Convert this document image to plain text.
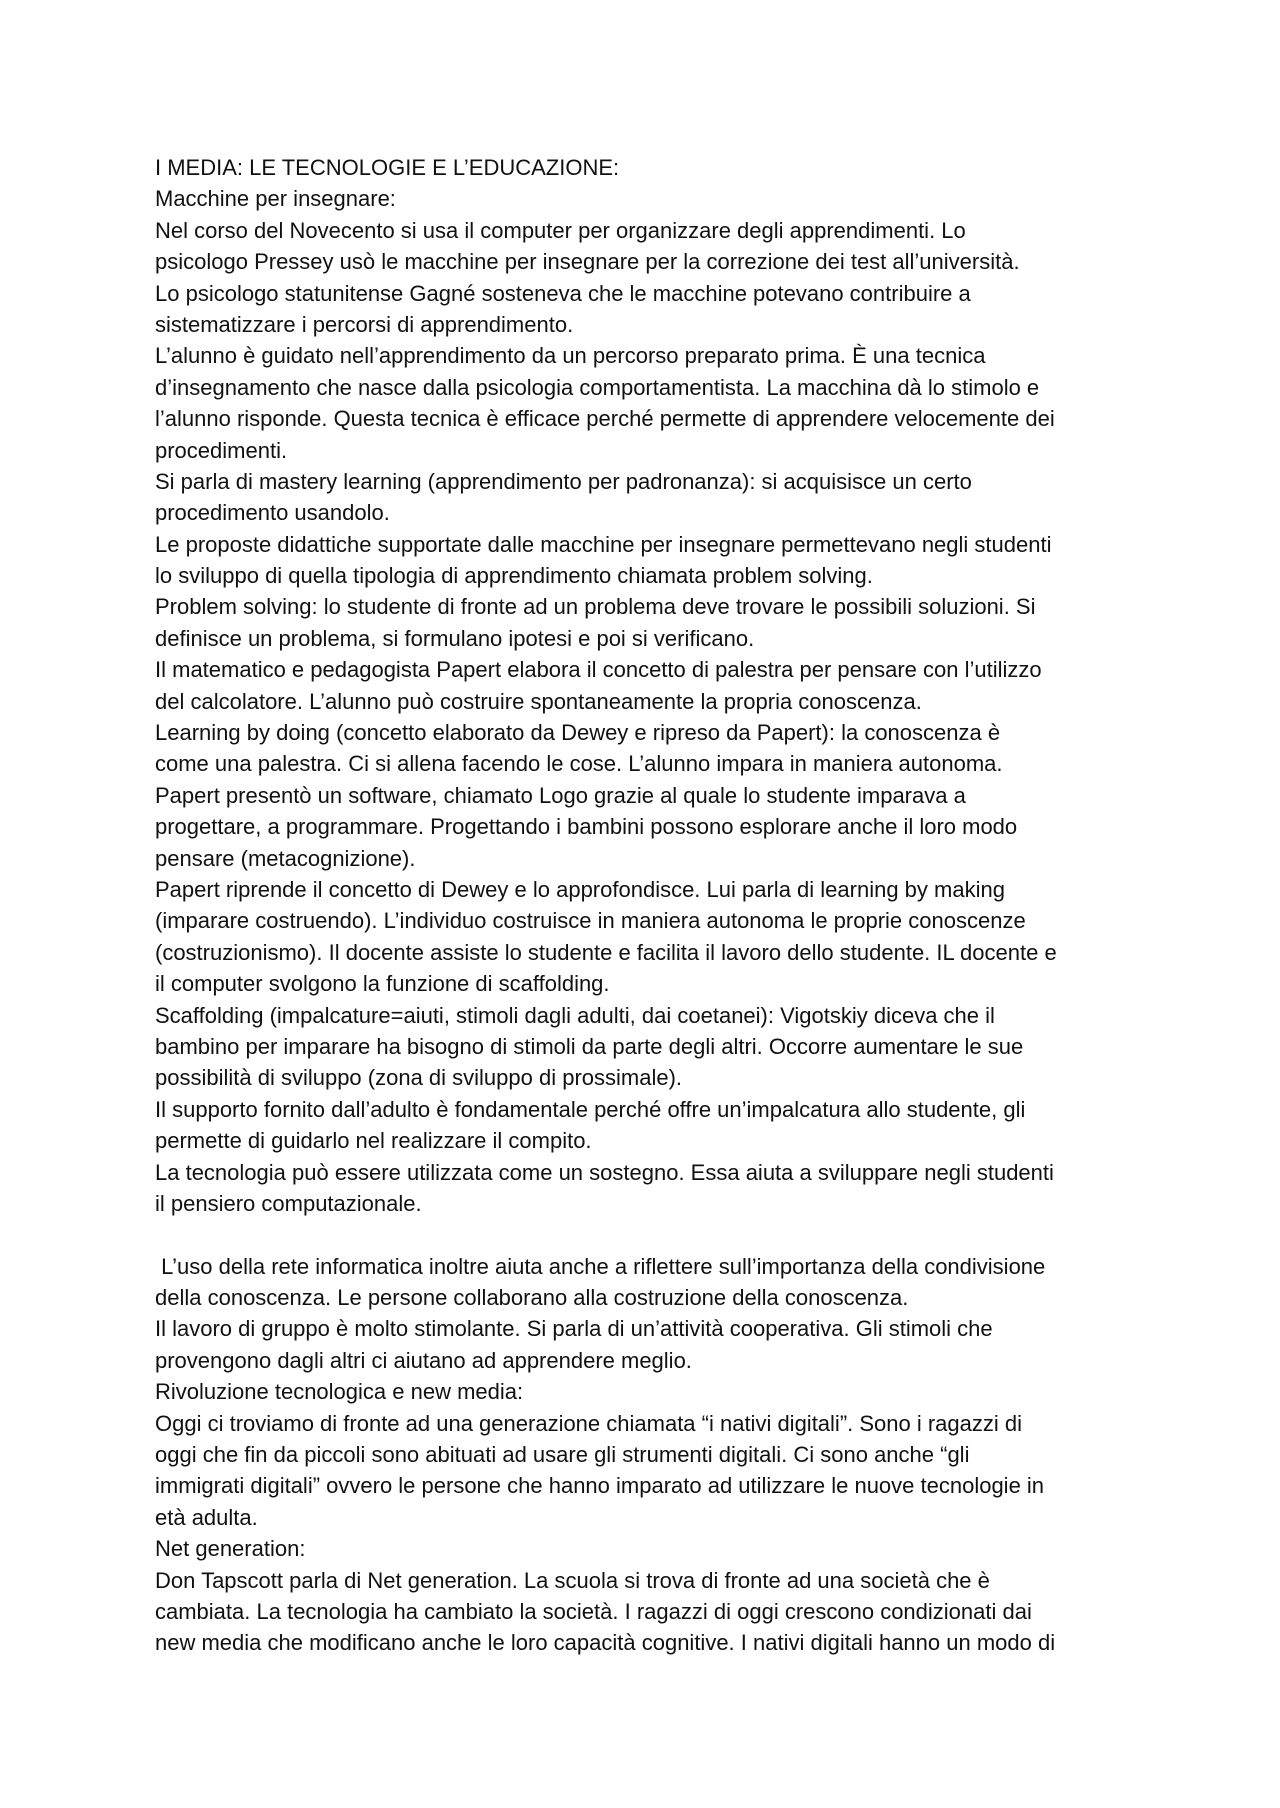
I MEDIA: LE TECNOLOGIE E L’EDUCAZIONE:
Macchine per insegnare:
Nel corso del Novecento si usa il computer per organizzare degli apprendimenti. Lo
psicologo Pressey usò le macchine per insegnare per la correzione dei test all’università.
Lo psicologo statunitense Gagné sosteneva che le macchine potevano contribuire a
sistematizzare i percorsi di apprendimento.
L’alunno è guidato nell’apprendimento da un percorso preparato prima. È una tecnica
d’insegnamento che nasce dalla psicologia comportamentista. La macchina dà lo stimolo e
l’alunno risponde. Questa tecnica è efficace perché permette di apprendere velocemente dei
procedimenti.
Si parla di mastery learning (apprendimento per padronanza): si acquisisce un certo
procedimento usandolo.
Le proposte didattiche supportate dalle macchine per insegnare permettevano negli studenti
lo sviluppo di quella tipologia di apprendimento chiamata problem solving.
Problem solving: lo studente di fronte ad un problema deve trovare le possibili soluzioni. Si
definisce un problema, si formulano ipotesi e poi si verificano.
Il matematico e pedagogista Papert elabora il concetto di palestra per pensare con l’utilizzo
del calcolatore. L’alunno può costruire spontaneamente la propria conoscenza.
Learning by doing (concetto elaborato da Dewey e ripreso da Papert): la conoscenza è
come una palestra. Ci si allena facendo le cose. L’alunno impara in maniera autonoma.
Papert presentò un software, chiamato Logo grazie al quale lo studente imparava a
progettare, a programmare. Progettando i bambini possono esplorare anche il loro modo
pensare (metacognizione).
Papert riprende il concetto di Dewey e lo approfondisce. Lui parla di learning by making
(imparare costruendo). L’individuo costruisce in maniera autonoma le proprie conoscenze
(costruzionismo). Il docente assiste lo studente e facilita il lavoro dello studente. IL docente e
il computer svolgono la funzione di scaffolding.
Scaffolding (impalcature=aiuti, stimoli dagli adulti, dai coetanei): Vigotskiy diceva che il
bambino per imparare ha bisogno di stimoli da parte degli altri. Occorre aumentare le sue
possibilità di sviluppo (zona di sviluppo di prossimale).
Il supporto fornito dall’adulto è fondamentale perché offre un’impalcatura allo studente, gli
permette di guidarlo nel realizzare il compito.
La tecnologia può essere utilizzata come un sostegno. Essa aiuta a sviluppare negli studenti
il pensiero computazionale.
L’uso della rete informatica inoltre aiuta anche a riflettere sull’importanza della condivisione
della conoscenza. Le persone collaborano alla costruzione della conoscenza.
Il lavoro di gruppo è molto stimolante. Si parla di un’attività cooperativa. Gli stimoli che
provengono dagli altri ci aiutano ad apprendere meglio.
Rivoluzione tecnologica e new media:
Oggi ci troviamo di fronte ad una generazione chiamata “i nativi digitali”. Sono i ragazzi di
oggi che fin da piccoli sono abituati ad usare gli strumenti digitali. Ci sono anche “gli
immigrati digitali” ovvero le persone che hanno imparato ad utilizzare le nuove tecnologie in
età adulta.
Net generation:
Don Tapscott parla di Net generation. La scuola si trova di fronte ad una società che è
cambiata. La tecnologia ha cambiato la società. I ragazzi di oggi crescono condizionati dai
new media che modificano anche le loro capacità cognitive. I nativi digitali hanno un modo di
